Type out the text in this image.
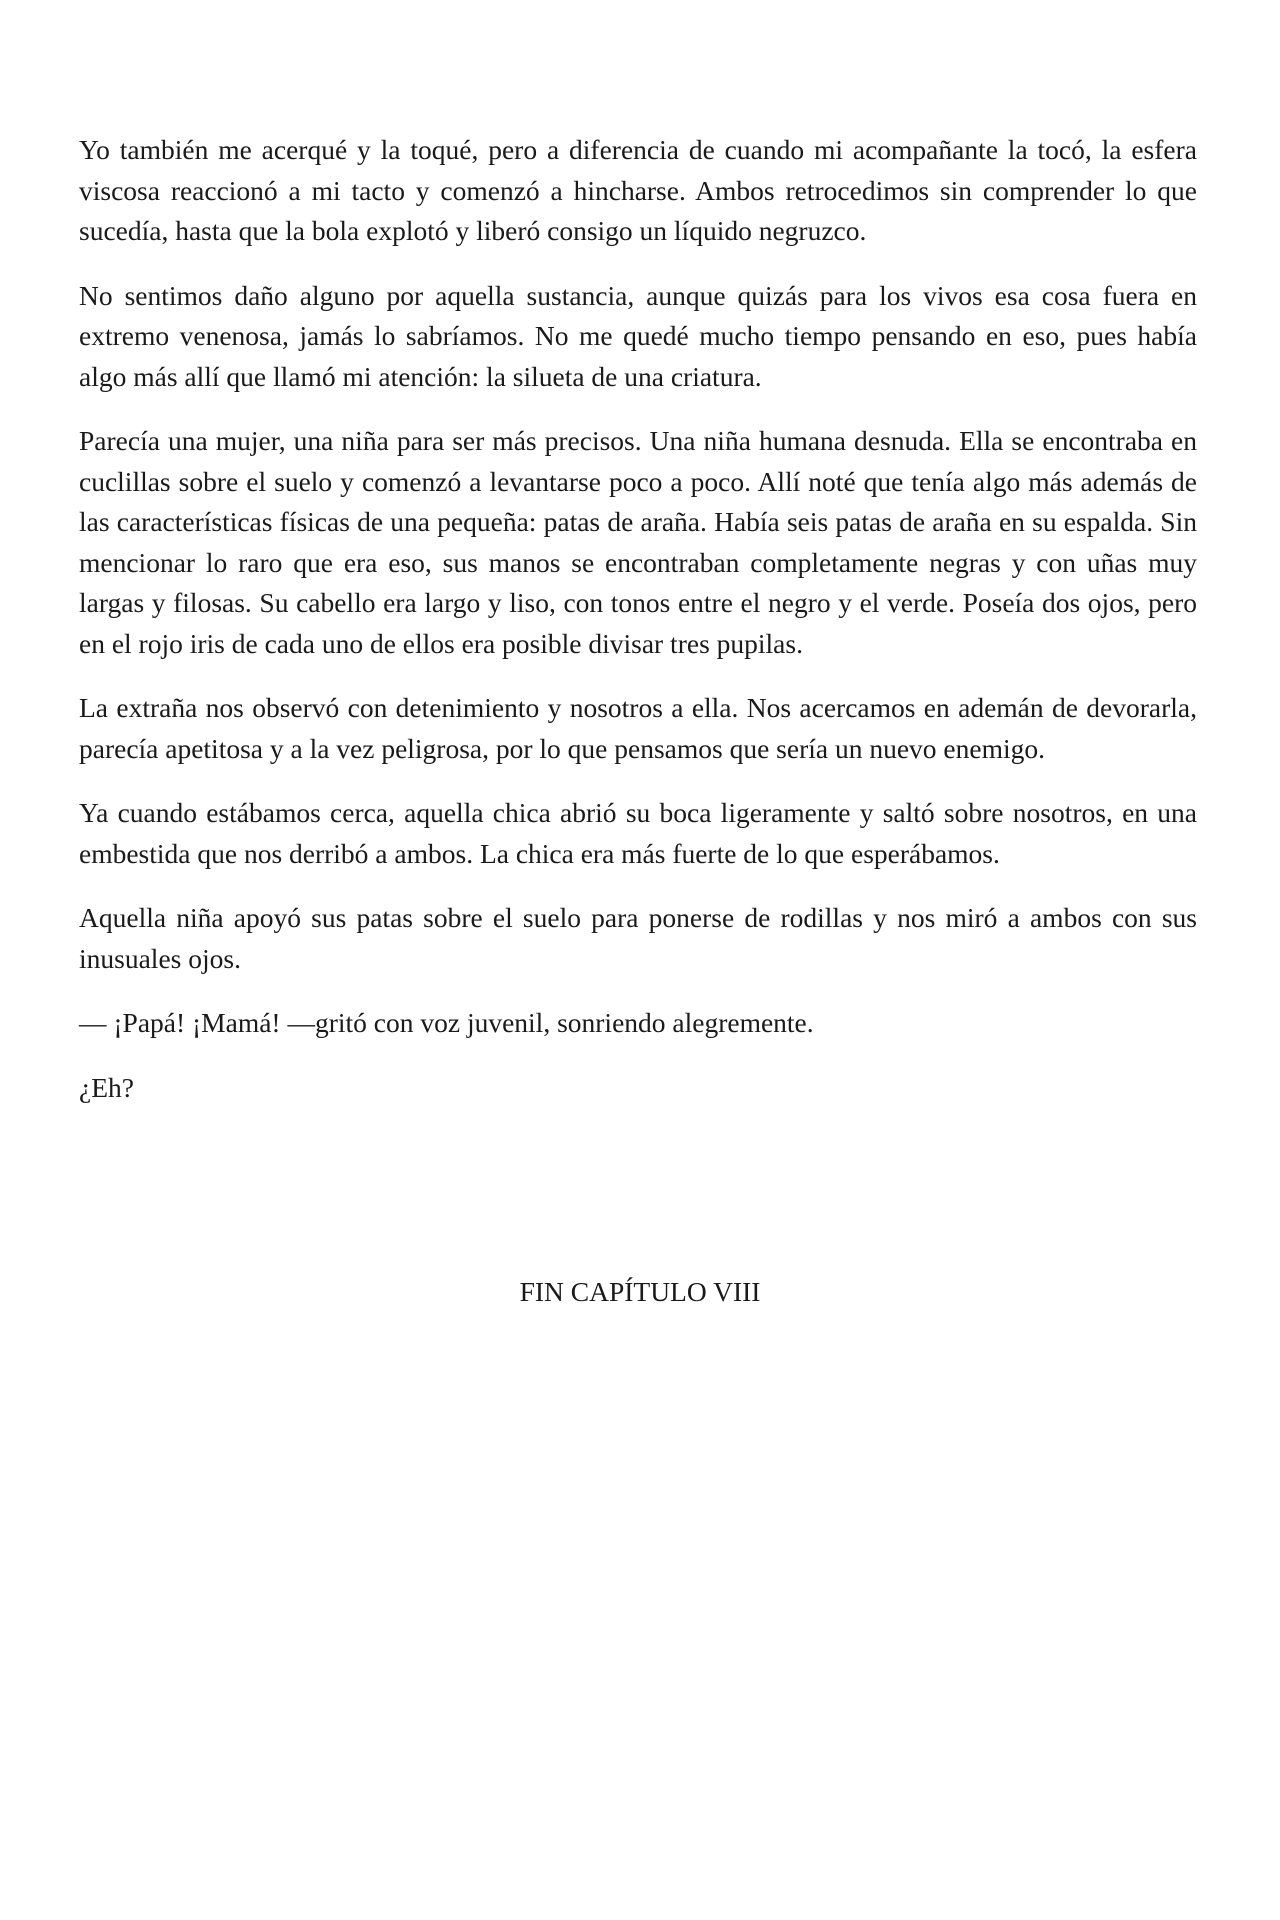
Yo también me acerqué y la toqué, pero a diferencia de cuando mi acompañante la tocó, la esfera viscosa reaccionó a mi tacto y comenzó a hincharse. Ambos retrocedimos sin comprender lo que sucedía, hasta que la bola explotó y liberó consigo un líquido negruzco.

No sentimos daño alguno por aquella sustancia, aunque quizás para los vivos esa cosa fuera en extremo venenosa, jamás lo sabríamos. No me quedé mucho tiempo pensando en eso, pues había algo más allí que llamó mi atención: la silueta de una criatura.

Parecía una mujer, una niña para ser más precisos. Una niña humana desnuda. Ella se encontraba en cuclillas sobre el suelo y comenzó a levantarse poco a poco. Allí noté que tenía algo más además de las características físicas de una pequeña: patas de araña. Había seis patas de araña en su espalda. Sin mencionar lo raro que era eso, sus manos se encontraban completamente negras y con uñas muy largas y filosas. Su cabello era largo y liso, con tonos entre el negro y el verde. Poseía dos ojos, pero en el rojo iris de cada uno de ellos era posible divisar tres pupilas.

La extraña nos observó con detenimiento y nosotros a ella. Nos acercamos en ademán de devorarla, parecía apetitosa y a la vez peligrosa, por lo que pensamos que sería un nuevo enemigo.

Ya cuando estábamos cerca, aquella chica abrió su boca ligeramente y saltó sobre nosotros, en una embestida que nos derribó a ambos. La chica era más fuerte de lo que esperábamos.

Aquella niña apoyó sus patas sobre el suelo para ponerse de rodillas y nos miró a ambos con sus inusuales ojos.

— ¡Papá! ¡Mamá! —gritó con voz juvenil, sonriendo alegremente.

¿Eh?

FIN CAPÍTULO VIII
